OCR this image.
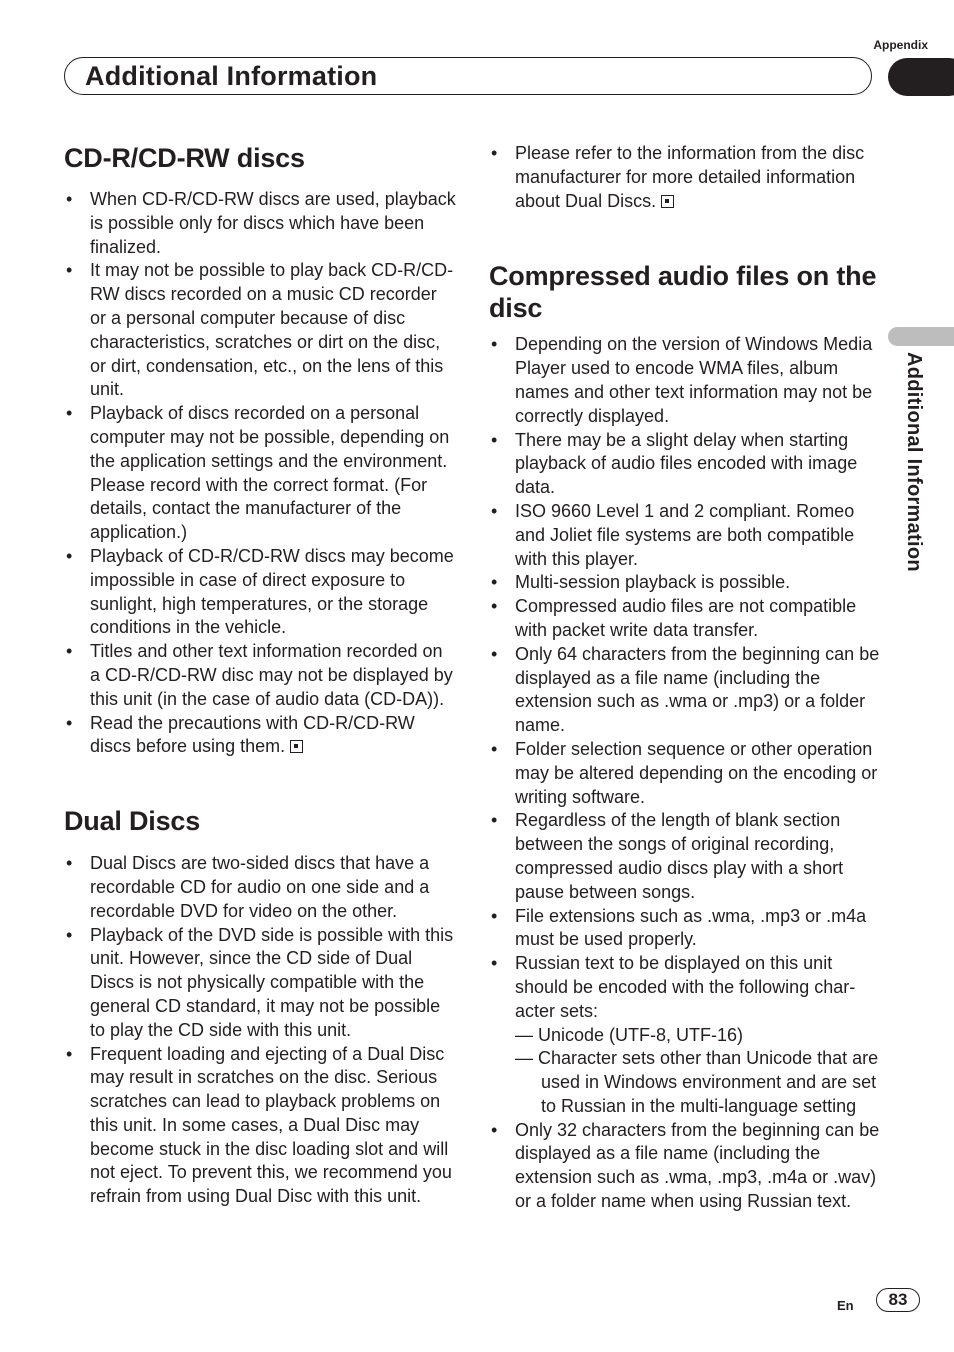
Appendix
Additional Information
Additional Information
CD-R/CD-RW discs
• When CD-R/CD-RW discs are used, playback is possible only for discs which have been finalized.
• It may not be possible to play back CD-R/CD-RW discs recorded on a music CD recorder or a personal computer because of disc characteristics, scratches or dirt on the disc, or dirt, condensation, etc., on the lens of this unit.
• Playback of discs recorded on a personal computer may not be possible, depending on the application settings and the environment. Please record with the correct format. (For details, contact the manufacturer of the application.)
• Playback of CD-R/CD-RW discs may become impossible in case of direct exposure to sunlight, high temperatures, or the storage conditions in the vehicle.
• Titles and other text information recorded on a CD-R/CD-RW disc may not be displayed by this unit (in the case of audio data (CD-DA)).
• Read the precautions with CD-R/CD-RW discs before using them.
Dual Discs
• Dual Discs are two-sided discs that have a recordable CD for audio on one side and a recordable DVD for video on the other.
• Playback of the DVD side is possible with this unit. However, since the CD side of Dual Discs is not physically compatible with the general CD standard, it may not be possible to play the CD side with this unit.
• Frequent loading and ejecting of a Dual Disc may result in scratches on the disc. Serious scratches can lead to playback problems on this unit. In some cases, a Dual Disc may become stuck in the disc loading slot and will not eject. To prevent this, we recommend you refrain from using Dual Disc with this unit.
• Please refer to the information from the disc manufacturer for more detailed information about Dual Discs.
Compressed audio files on the disc
• Depending on the version of Windows Media Player used to encode WMA files, album names and other text information may not be correctly displayed.
• There may be a slight delay when starting playback of audio files encoded with image data.
• ISO 9660 Level 1 and 2 compliant. Romeo and Joliet file systems are both compatible with this player.
• Multi-session playback is possible.
• Compressed audio files are not compatible with packet write data transfer.
• Only 64 characters from the beginning can be displayed as a file name (including the extension such as .wma or .mp3) or a folder name.
• Folder selection sequence or other operation may be altered depending on the encoding or writing software.
• Regardless of the length of blank section between the songs of original recording, compressed audio discs play with a short pause between songs.
• File extensions such as .wma, .mp3 or .m4a must be used properly.
• Russian text to be displayed on this unit should be encoded with the following character sets:
— Unicode (UTF-8, UTF-16)
— Character sets other than Unicode that are used in Windows environment and are set to Russian in the multi-language setting
• Only 32 characters from the beginning can be displayed as a file name (including the extension such as .wma, .mp3, .m4a or .wav) or a folder name when using Russian text.
En	83
